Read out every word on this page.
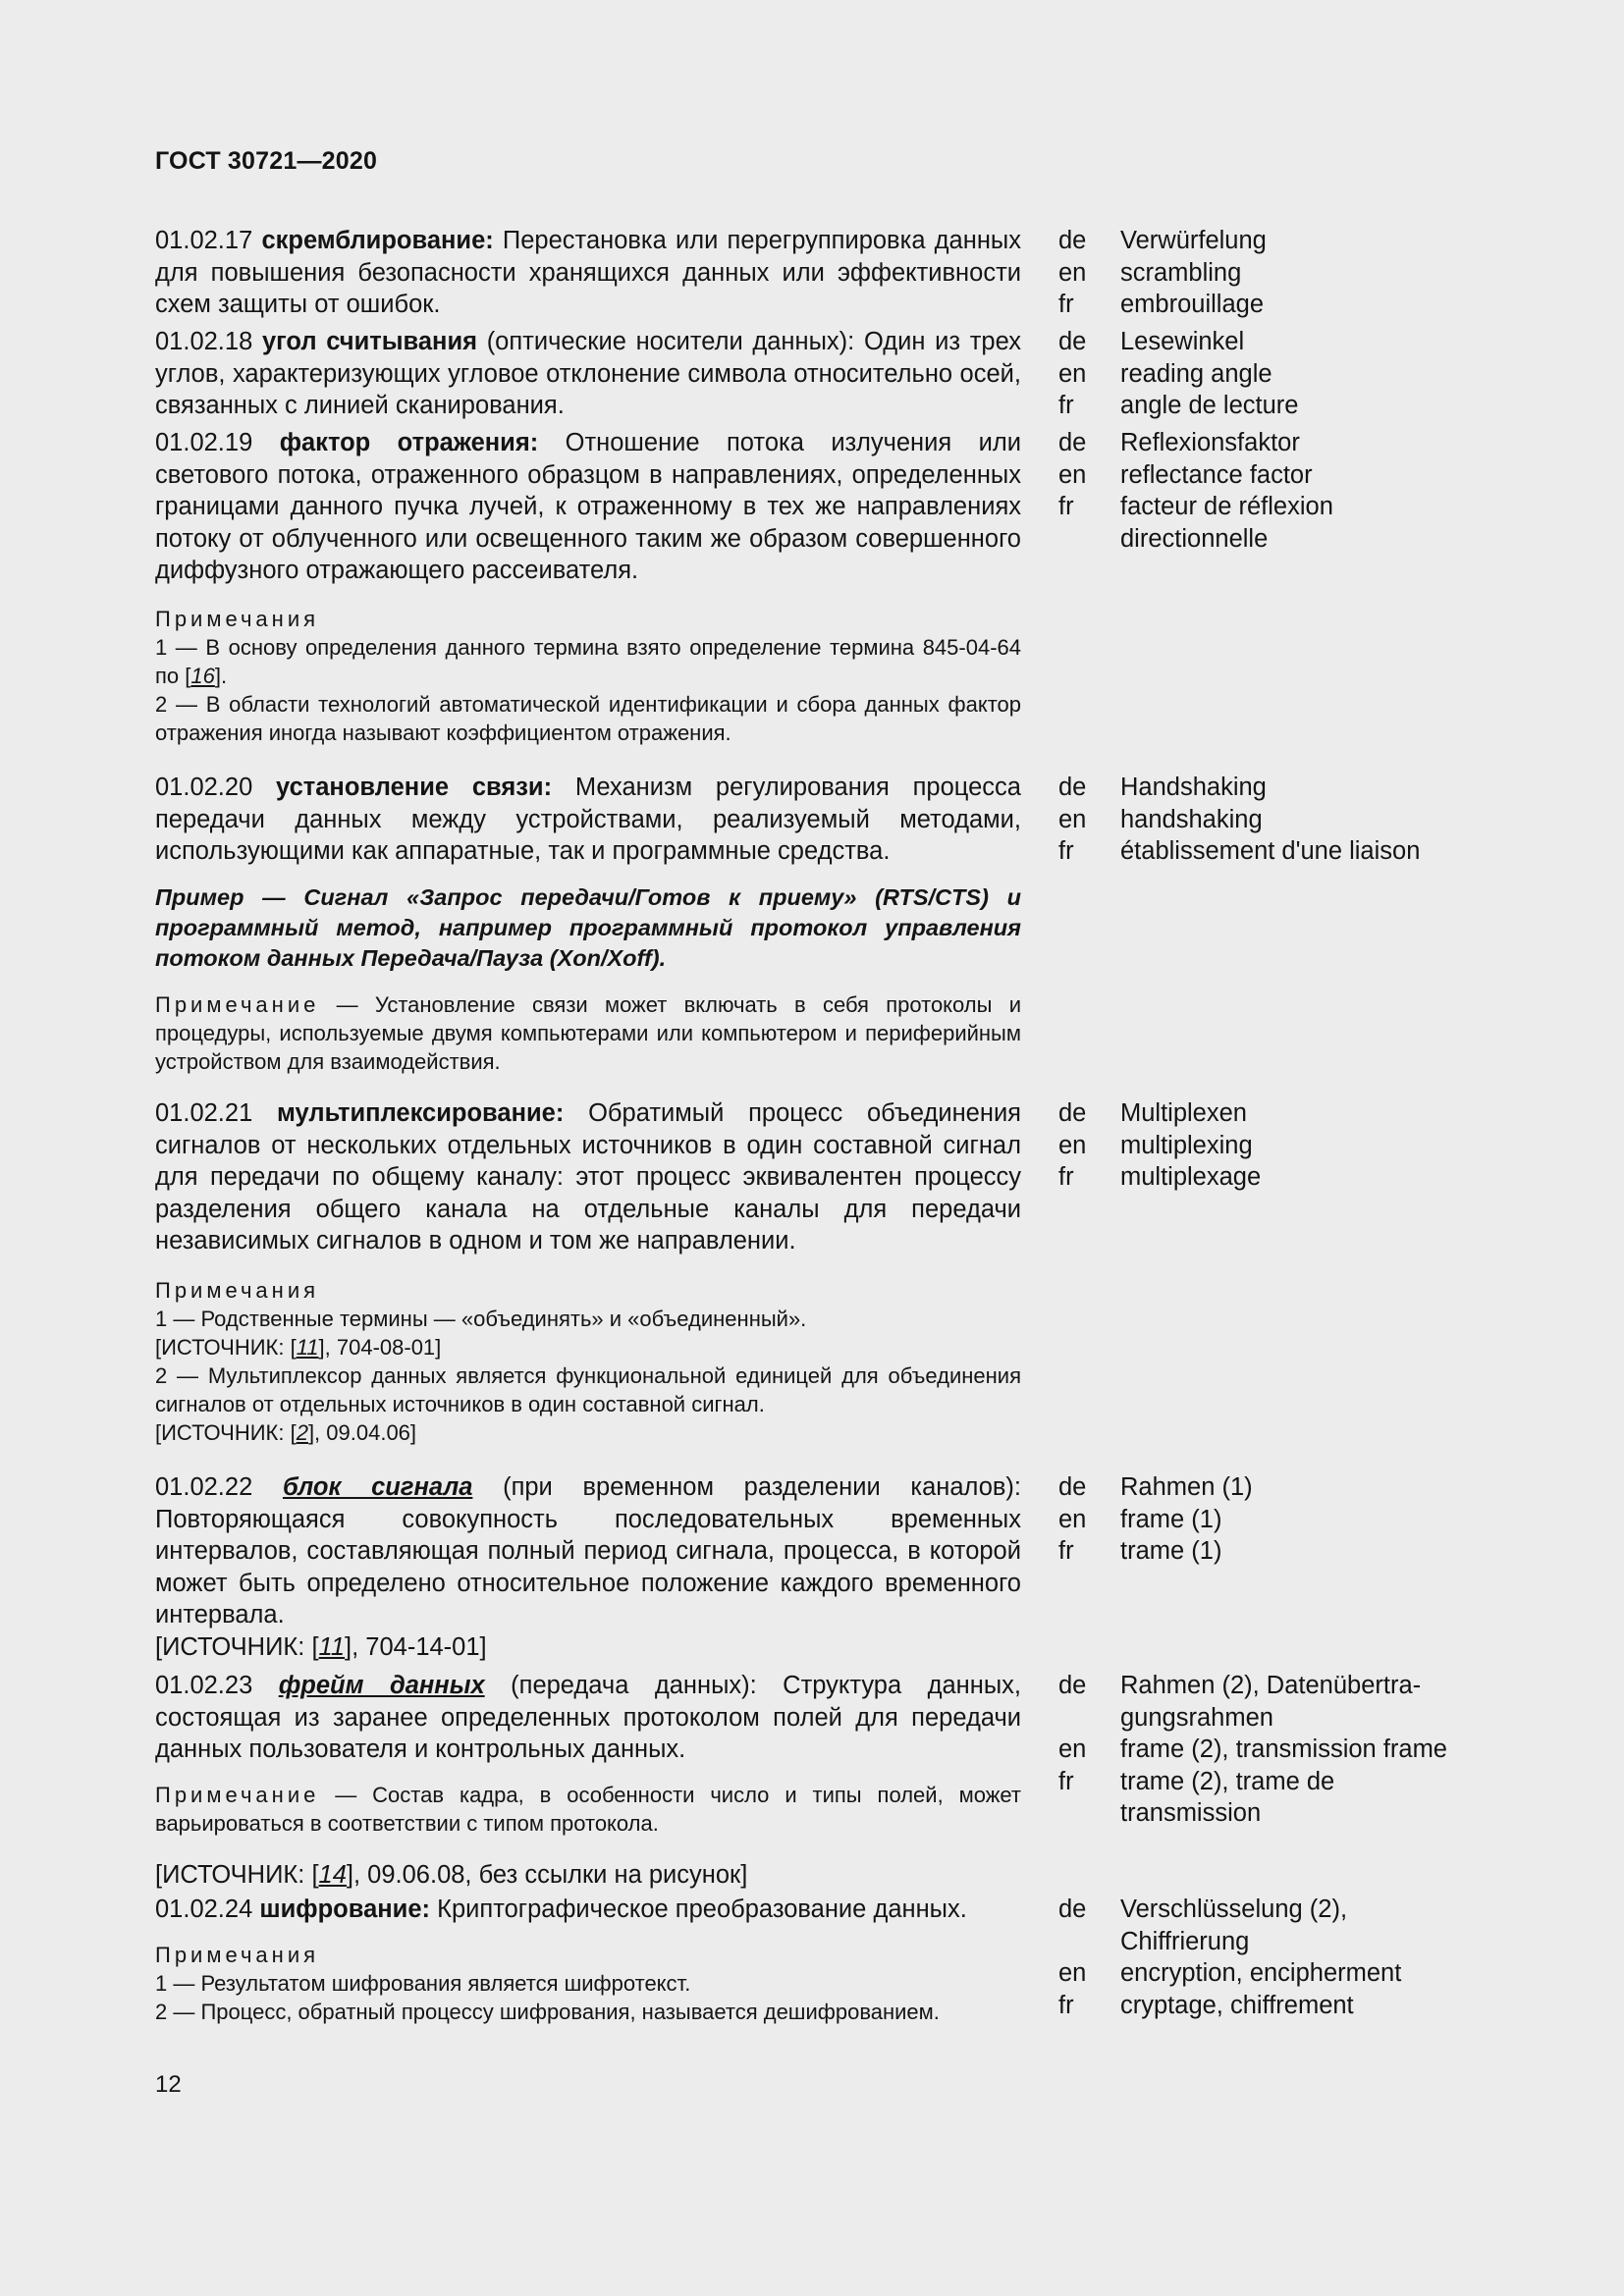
ГОСТ 30721—2020

01.02.17 скремблирование: Перестановка или перегруппировка данных для повышения безопасности хранящихся данных или эффективности схем защиты от ошибок.

de
en
fr
Verwürfelung
scrambling
embrouillage

01.02.18 угол считывания (оптические носители данных): Один из трех углов, характеризующих угловое отклонение символа относительно осей, связанных с линией сканирования.

de
en
fr
Lesewinkel
reading angle
angle de lecture

01.02.19 фактор отражения: Отношение потока излучения или светового потока, отраженного образцом в направлениях, определенных границами данного пучка лучей, к отраженному в тех же направлениях потоку от облученного или освещенного таким же образом совершенного диффузного отражающего рассеивателя.

de
en
fr
Reflexionsfaktor
reflectance factor
facteur de réflexion
directionnelle
Примечания

1 — В основу определения данного термина взято определение термина 845-04-64 по [16].

2 — В области технологий автоматической идентификации и сбора данных фактор отражения иногда называют коэффициентом отражения.

01.02.20 установление связи: Механизм регулирования процесса передачи данных между устройствами, реализуемый методами, использующими как аппаратные, так и программные средства.

de
en
fr
Handshaking
handshaking
établissement d'une liaison
Пример — Сигнал «Запрос передачи/Готов к приему» (RTS/CTS) и программный метод, например программный протокол управления потоком данных Передача/Пауза (Xon/Xoff).

Примечание — Установление связи может включать в себя протоколы и процедуры, используемые двумя компьютерами или компьютером и периферийным устройством для взаимодействия.

01.02.21 мультиплексирование: Обратимый процесс объединения сигналов от нескольких отдельных источников в один составной сигнал для передачи по общему каналу: этот процесс эквивалентен процессу разделения общего канала на отдельные каналы для передачи независимых сигналов в одном и том же направлении.

de
en
fr
Multiplexen
multiplexing
multiplexage
Примечания

1 — Родственные термины — «объединять» и «объединенный».

[ИСТОЧНИК: [11], 704-08-01]

2 — Мультиплексор данных является функциональной единицей для объединения сигналов от отдельных источников в один составной сигнал.

[ИСТОЧНИК: [2], 09.04.06]

01.02.22 блок сигнала (при временном разделении каналов): Повторяющаяся совокупность последовательных временных интервалов, составляющая полный период сигнала, процесса, в которой может быть определено относительное положение каждого временного интервала.

[ИСТОЧНИК: [11], 704-14-01]

de
en
fr
Rahmen (1)
frame (1)
trame (1)

01.02.23 фрейм данных (передача данных): Структура данных, состоящая из заранее определенных протоколом полей для передачи данных пользователя и контрольных данных.

de

en
fr
Rahmen (2), Datenübertra-
gungsrahmen
frame (2), transmission frame
trame (2), trame de
transmission

Примечание — Состав кадра, в особенности число и типы полей, может варьироваться в соответствии с типом протокола.

[ИСТОЧНИК: [14], 09.06.08, без ссылки на рисунок]

01.02.24 шифрование: Криптографическое преобразование данных.	de

en
fr
Verschlüsselung (2),
Chiffrierung
encryption, encipherment
cryptage, chiffrement
Примечания

1 — Результатом шифрования является шифротекст.

2 — Процесс, обратный процессу шифрования, называется дешифрованием.

12
